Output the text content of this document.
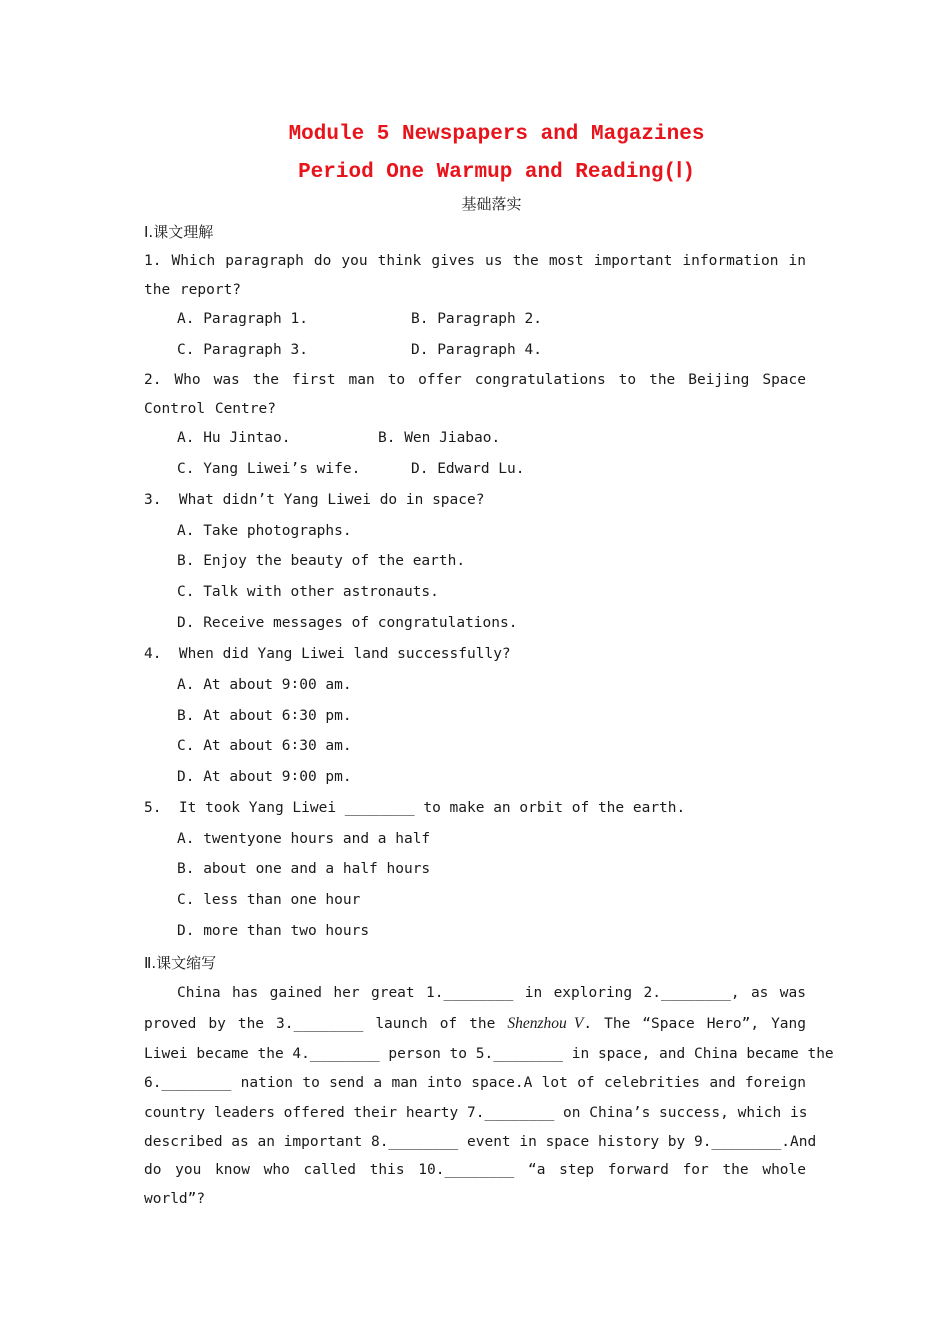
Module 5 Newspapers and Magazines
Period One Warmup and Reading(Ⅰ)
基础落实
Ⅰ.课文理解
1. Which paragraph do you think gives us the most important information in the report?
A. Paragraph 1.	B. Paragraph 2.
C. Paragraph 3.	D. Paragraph 4.
2. Who was the first man to offer congratulations to the Beijing Space Control Centre?
A. Hu Jintao.	B. Wen Jiabao.
C. Yang Liwei’s wife.	D. Edward Lu.
3.  What didn’t Yang Liwei do in space?
A. Take photographs.
B. Enjoy the beauty of the earth.
C. Talk with other astronauts.
D. Receive messages of congratulations.
4.  When did Yang Liwei land successfully?
A. At about 9∶00 am.
B. At about 6∶30 pm.
C. At about 6∶30 am.
D. At about 9∶00 pm.
5.  It took Yang Liwei ________ to make an orbit of the earth.
A. twentyone hours and a half
B. about one and a half hours
C. less than one hour
D. more than two hours
Ⅱ.课文缩写
China has gained her great 1.________ in exploring 2.________, as was
proved by the 3.________ launch of the Shenzhou V. The “Space Hero”, Yang
Liwei became the 4.________ person to 5.________ in space, and China became the
6.________ nation to send a man into space.A lot of celebrities and foreign
country leaders offered their hearty 7.________ on China’s success, which is
described as an important 8.________ event in space history by 9.________.And
do you know who called this 10.________ “a step forward for the whole
world”?
